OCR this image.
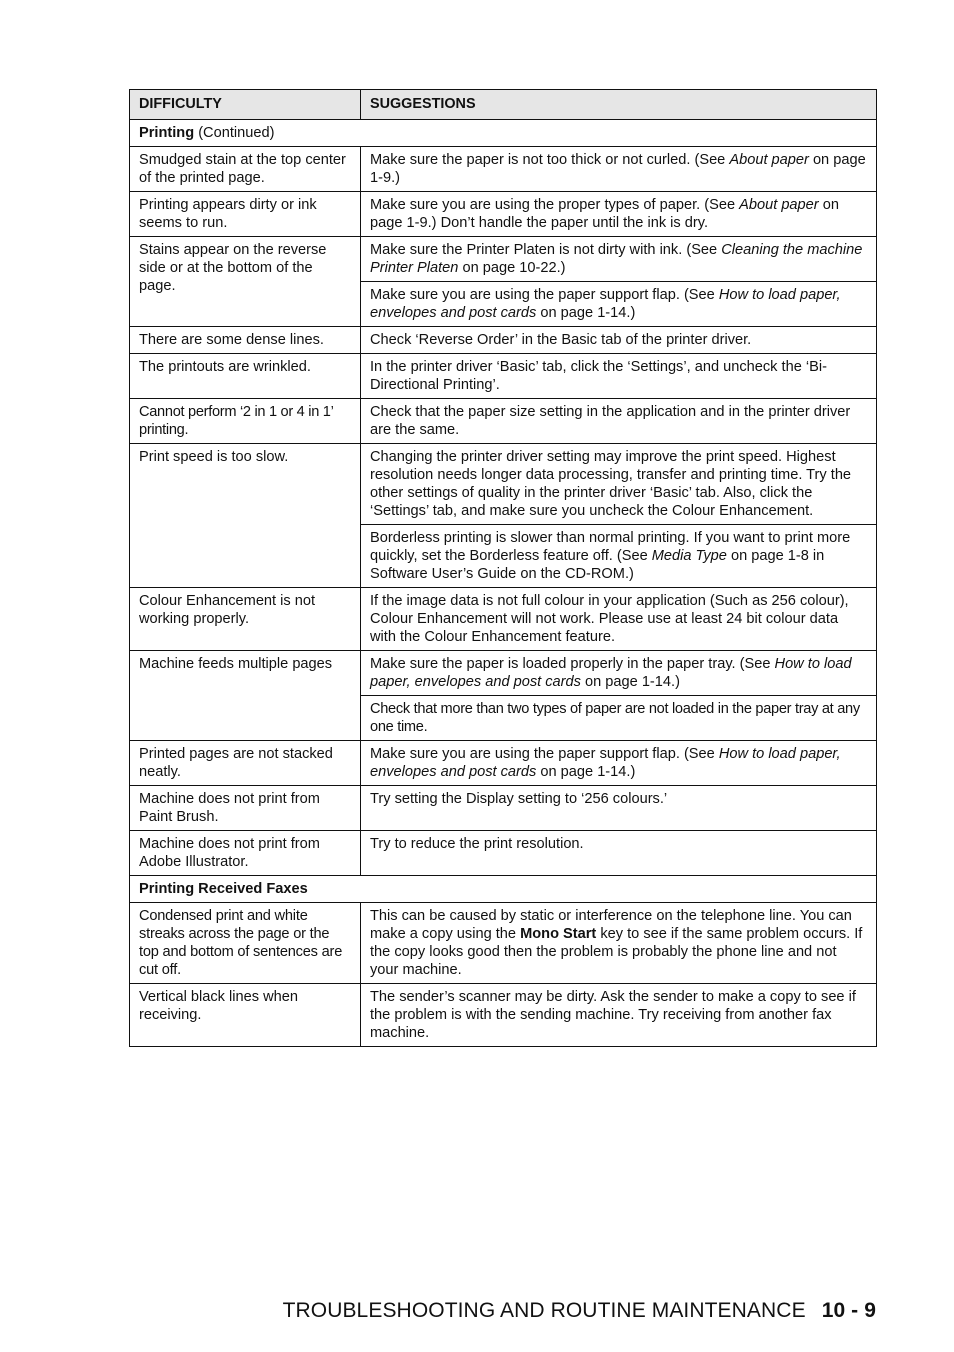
DIFFICULTY	SUGGESTIONS
Printing (Continued)	
Smudged stain at the top center of the printed page.	Make sure the paper is not too thick or not curled. (See About paper on page 1-9.)
Printing appears dirty or ink seems to run.	Make sure you are using the proper types of paper. (See About paper on page 1-9.) Don’t handle the paper until the ink is dry.
Stains appear on the reverse side or at the bottom of the page.	Make sure the Printer Platen is not dirty with ink. (See Cleaning the machine Printer Platen on page 10-22.)
	Make sure you are using the paper support flap. (See How to load paper, envelopes and post cards on page 1-14.)
There are some dense lines.	Check ‘Reverse Order’ in the Basic tab of the printer driver.
The printouts are wrinkled.	In the printer driver ‘Basic’ tab, click the ‘Settings’, and uncheck the ‘Bi-Directional Printing’.
Cannot perform ‘2 in 1 or 4 in 1’ printing.	Check that the paper size setting in the application and in the printer driver are the same.
Print speed is too slow.	Changing the printer driver setting may improve the print speed. Highest resolution needs longer data processing, transfer and printing time. Try the other settings of quality in the printer driver ‘Basic’ tab. Also, click the ‘Settings’ tab, and make sure you uncheck the Colour Enhancement.
	Borderless printing is slower than normal printing. If you want to print more quickly, set the Borderless feature off. (See Media Type on page 1-8 in Software User’s Guide on the CD-ROM.)
Colour Enhancement is not working properly.	If the image data is not full colour in your application (Such as 256 colour), Colour Enhancement will not work. Please use at least 24 bit colour data with the Colour Enhancement feature.
Machine feeds multiple pages	Make sure the paper is loaded properly in the paper tray. (See How to load paper, envelopes and post cards on page 1-14.)
	Check that more than two types of paper are not loaded in the paper tray at any one time.
Printed pages are not stacked neatly.	Make sure you are using the paper support flap. (See How to load paper, envelopes and post cards on page 1-14.)
Machine does not print from Paint Brush.	Try setting the Display setting to ‘256 colours.’
Machine does not print from Adobe Illustrator.	Try to reduce the print resolution.
Printing Received Faxes	
Condensed print and white streaks across the page or the top and bottom of sentences are cut off.	This can be caused by static or interference on the telephone line. You can make a copy using the Mono Start key to see if the same problem occurs. If the copy looks good then the problem is probably the phone line and not your machine.
Vertical black lines when receiving.	The sender’s scanner may be dirty. Ask the sender to make a copy to see if the problem is with the sending machine. Try receiving from another fax machine.
TROUBLESHOOTING AND ROUTINE MAINTENANCE 10 - 9
